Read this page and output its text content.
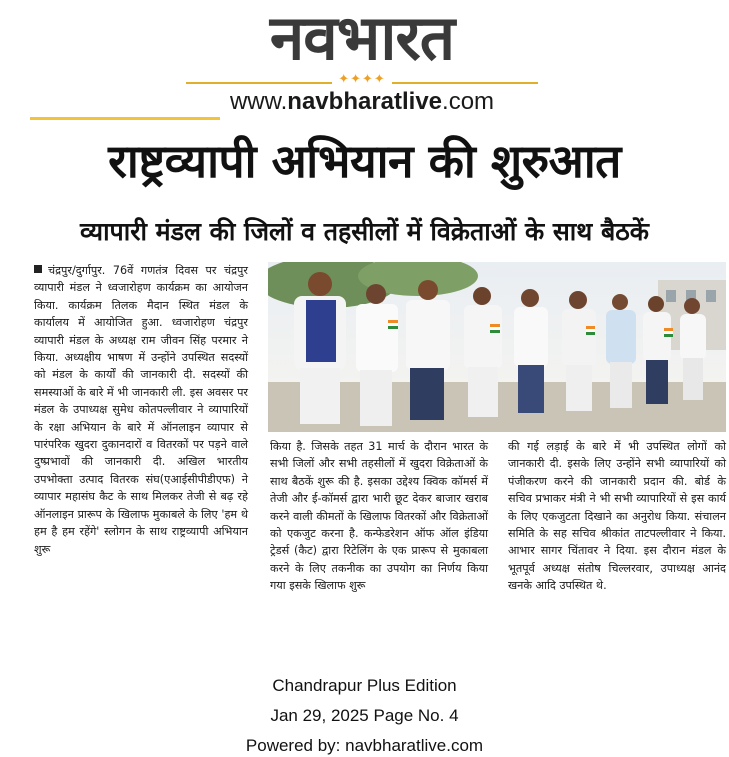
नवभारत
✦✦✦✦
www.navbharatlive.com
राष्ट्रव्यापी अभियान की शुरुआत
व्यापारी मंडल की जिलों व तहसीलों में विक्रेताओं के साथ बैठकें
चंद्रपुर/दुर्गापुर. 76वें गणतंत्र दिवस पर चंद्रपुर व्यापारी मंडल ने ध्वजारोहण कार्यक्रम का आयोजन किया. कार्यक्रम तिलक मैदान स्थित मंडल के कार्यालय में आयोजित हुआ. ध्वजारोहण चंद्रपुर व्यापारी मंडल के अध्यक्ष राम जीवन सिंह परमार ने किया. अध्यक्षीय भाषण में उन्होंने उपस्थित सदस्यों को मंडल के कार्यों की जानकारी दी. सदस्यों की समस्याओं के बारे में भी जानकारी ली. इस अवसर पर मंडल के उपाध्यक्ष सुमेध कोतपल्लीवार ने व्यापारियों के रक्षा अभियान के बारे में ऑनलाइन व्यापार से पारंपरिक खुदरा दुकानदारों व वितरकों पर पड़ने वाले दुष्प्रभावों की जानकारी दी. अखिल भारतीय उपभोक्ता उत्पाद वितरक संघ(एआईसीपीडीएफ) ने व्यापार महासंघ कैट के साथ मिलकर तेजी से बढ़ रहे ऑनलाइन प्रारूप के खिलाफ मुकाबले के लिए 'हम थे हम है हम रहेंगे' स्लोगन के साथ राष्ट्रव्यापी अभियान शुरू
किया है. जिसके तहत 31 मार्च के दौरान भारत के सभी जिलों और सभी तहसीलों में खुदरा विक्रेताओं के साथ बैठकें शुरू की है. इसका उद्देश्य क्विक कॉमर्स में तेजी और ई-कॉमर्स द्वारा भारी छूट देकर बाजार खराब करने वाली कीमतों के खिलाफ वितरकों और विक्रेताओं को एकजुट करना है. कन्फेडरेशन ऑफ ऑल इंडिया ट्रेडर्स (कैट) द्वारा रिटेलिंग के एक प्रारूप से मुकाबला करने के लिए तकनीक का उपयोग का निर्णय किया गया इसके खिलाफ शुरू
की गई लड़ाई के बारे में भी उपस्थित लोगों को जानकारी दी. इसके लिए उन्होंने सभी व्यापारियों को पंजीकरण करने की जानकारी प्रदान की. बोर्ड के सचिव प्रभाकर मंत्री ने भी सभी व्यापारियों से इस कार्य के लिए एकजुटता दिखाने का अनुरोध किया. संचालन समिति के सह सचिव श्रीकांत ताटपल्लीवार ने किया. आभार सागर चिंतावर ने दिया. इस दौरान मंडल के भूतपूर्व अध्यक्ष संतोष चिल्लरवार, उपाध्यक्ष आनंद खनके आदि उपस्थित थे.
Chandrapur Plus Edition
Jan 29, 2025 Page No. 4
Powered by: navbharatlive.com
